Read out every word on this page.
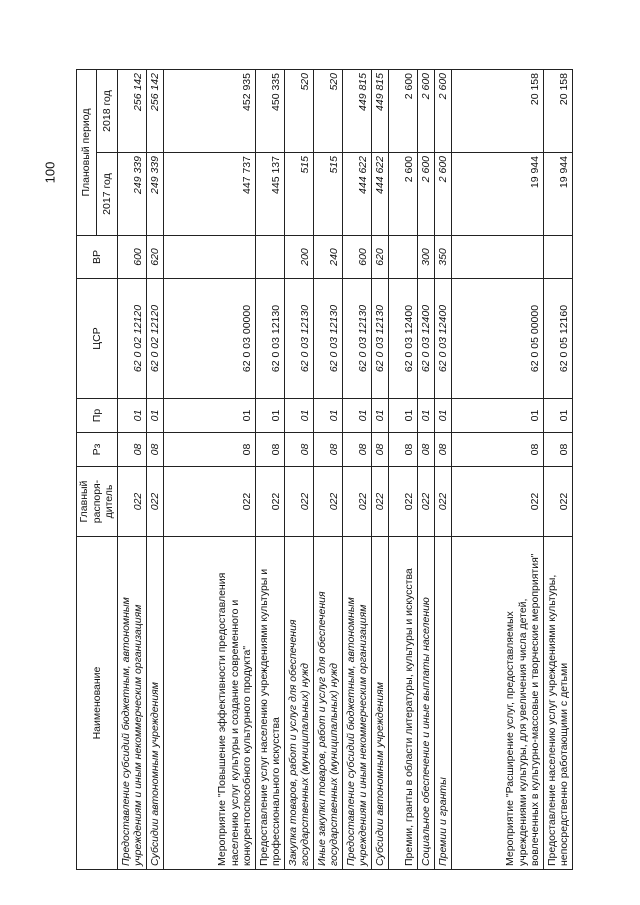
100
Наименование	Главный распоря-дитель	Рз	Пр	ЦСР	ВР	Плановый период	
						2017 год	2018 год
Предоставление субсидий бюджетным, автономным учреждениям и иным некоммерческим организациям	022	08	01	62 0 02 12120	600	249 339	256 142
Субсидии автономным учреждениям	022	08	01	62 0 02 12120	620	249 339	256 142
Мероприятие "Повышение эффективности предоставления населению услуг культуры и создание современного и конкурентоспособного культурного продукта"	022	08	01	62 0 03 00000		447 737	452 935
Предоставление услуг населению учреждениями культуры и профессионального искусства	022	08	01	62 0 03 12130		445 137	450 335
Закупка товаров, работ и услуг для обеспечения государственных (муниципальных) нужд	022	08	01	62 0 03 12130	200	515	520
Иные закупки товаров, работ и услуг для обеспечения государственных (муниципальных) нужд	022	08	01	62 0 03 12130	240	515	520
Предоставление субсидий бюджетным, автономным учреждениям и иным некоммерческим организациям	022	08	01	62 0 03 12130	600	444 622	449 815
Субсидии автономным учреждениям	022	08	01	62 0 03 12130	620	444 622	449 815
Премии, гранты в области литературы, культуры и искусства	022	08	01	62 0 03 12400		2 600	2 600
Социальное обеспечение и иные выплаты населению	022	08	01	62 0 03 12400	300	2 600	2 600
Премии и гранты	022	08	01	62 0 03 12400	350	2 600	2 600
Мероприятие "Расширение услуг, предоставляемых учреждениями культуры, для увеличения числа детей, вовлеченных в культурно-массовые и творческие мероприятия"	022	08	01	62 0 05 00000		19 944	20 158
Предоставление населению услуг учреждениями культуры, непосредственно работающими с детьми	022	08	01	62 0 05 12160		19 944	20 158
